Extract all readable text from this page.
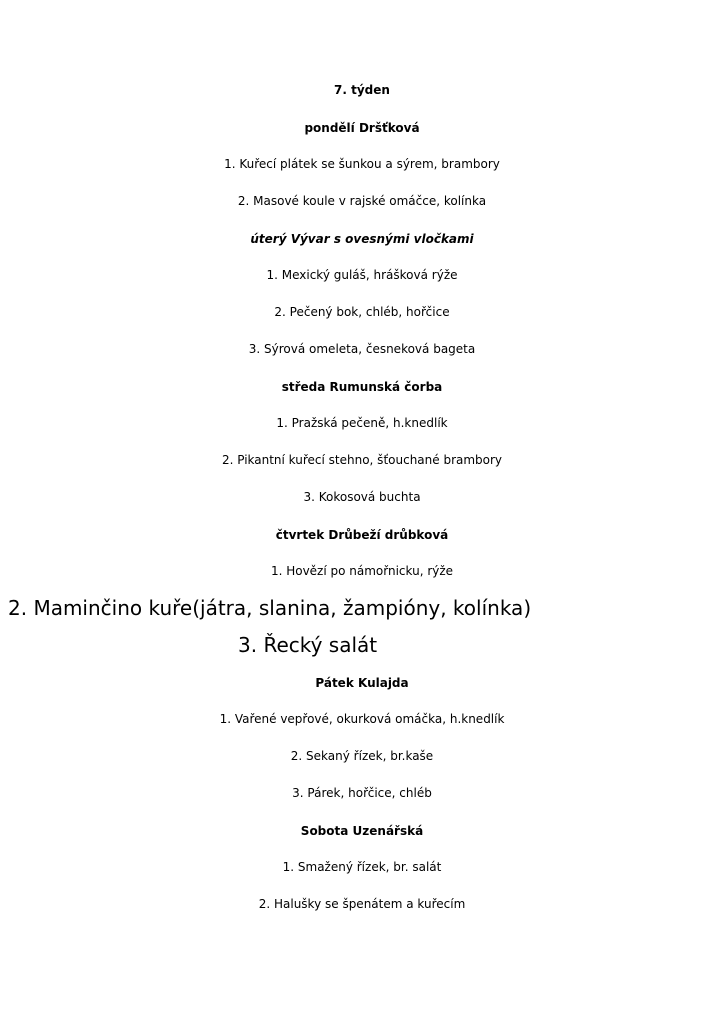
7. týden
pondělí Dršťková
1. Kuřecí plátek se šunkou a sýrem, brambory
2. Masové koule v rajské omáčce, kolínka
úterý Vývar s ovesnými vločkami
1. Mexický guláš, hrášková rýže
2. Pečený bok, chléb, hořčice
3. Sýrová omeleta, česneková bageta
středa Rumunská čorba
1. Pražská pečeně, h.knedlík
2. Pikantní kuřecí stehno, šťouchané brambory
3. Kokosová buchta
čtvrtek Drůbeží drůbková
1. Hovězí po námořnicku, rýže
2. Maminčino kuře(játra, slanina, žampióny, kolínka)
3. Řecký salát
Pátek Kulajda
1. Vařené vepřové, okurková omáčka, h.knedlík
2. Sekaný řízek, br.kaše
3. Párek, hořčice, chléb
Sobota Uzenářská
1. Smažený řízek, br. salát
2. Halušky se špenátem a kuřecím
